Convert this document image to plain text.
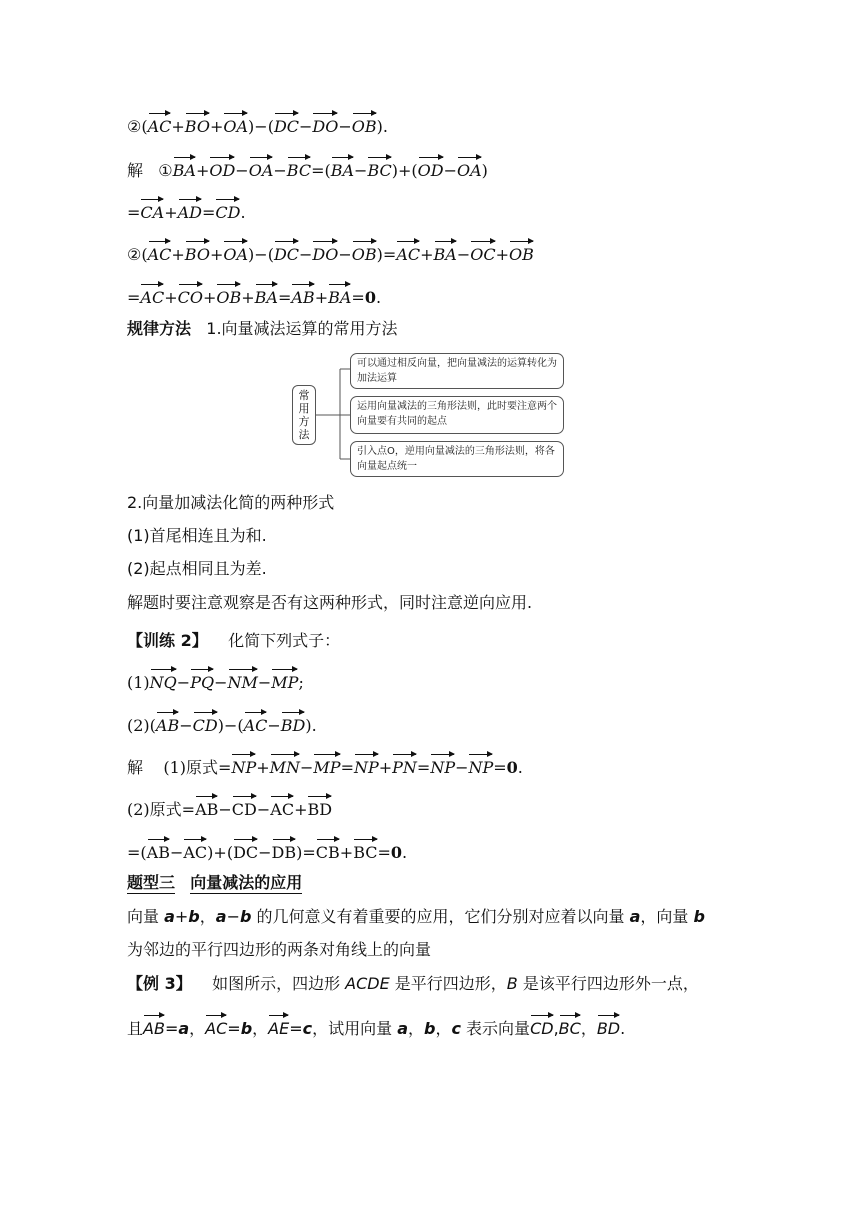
②(AC+BO+OA)−(DC−DO−OB).
解   ①BA+OD−OA−BC=(BA−BC)+(OD−OA)
=CA+AD=CD.
②(AC+BO+OA)−(DC−DO−OB)=AC+BA−OC+OB
=AC+CO+OB+BA=AB+BA=0.
规律方法 1.向量减法运算的常用方法
常用方法
可以通过相反向量，把向量减法的运算转化为加法运算
运用向量减法的三角形法则，此时要注意两个向量要有共同的起点
引入点O，逆用向量减法的三角形法则，将各向量起点统一
2.向量加减法化简的两种形式
(1)首尾相连且为和.
(2)起点相同且为差.
解题时要注意观察是否有这两种形式，同时注意逆向应用.
【训练 2】 化简下列式子：
(1)NQ−PQ−NM−MP;
(2)(AB−CD)−(AC−BD).
解    (1)原式=NP+MN−MP=NP+PN=NP−NP=0.
(2)原式=AB−CD−AC+BD
=(AB−AC)+(DC−DB)=CB+BC=0.
题型三 向量减法的应用
向量 a+b，a−b 的几何意义有着重要的应用，它们分别对应着以向量 a，向量 b
为邻边的平行四边形的两条对角线上的向量
【例 3】 如图所示，四边形 ACDE 是平行四边形，B 是该平行四边形外一点，
且AB=a，AC=b，AE=c，试用向量 a，b，c 表示向量CD,BC，BD.
